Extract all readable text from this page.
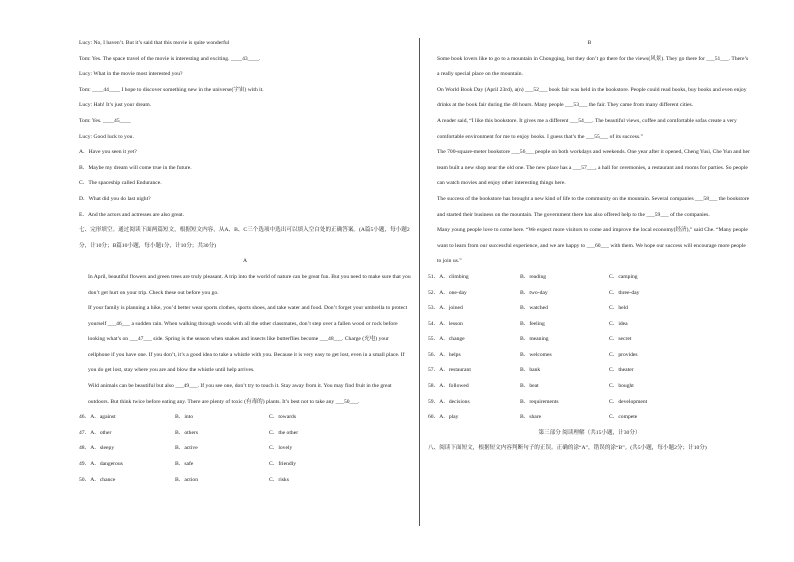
Lucy: No, I haven’t. But it’s said that this movie is quite wonderful

Tom: Yes. The space travel of the movie is interesting and exciting. ____43____.

Lucy: What in the movie most interested you?

Tom: ____44____ I hope to discover something new in the universe(宇宙) with it.

Lucy: Hah! It’s just your dream.

Tom: Yes. ____45____

Lucy: Good luck to you.

A．Have you seen it yet?

B．Maybe my dream will come true in the future.

C．The spaceship called Endurance.

D．What did you do last night?

E．And the actors and actresses are also great.

七、完形填空。通过阅读下面两篇短文，根据短文内容，从A、B、C三个选项中选出可以填入空白处的正确答案。(A篇5小题，每小题2分，计10分；B篇10小题，每小题1分，计10分；共30分)

A

In April, beautiful flowers and green trees are truly pleasant. A trip into the world of nature can be great fun. But you need to make sure that you don’t get hurt on your trip. Check these out before you go.

If your family is planning a hike, you’d better wear sports clothes, sports shoes, and take water and food. Don’t forget your umbrella to protect yourself ___46___ a sudden rain. When walking through woods with all the other classmates, don’t step over a fallen wood or rock before looking what’s on ___47___ side. Spring is the season when snakes and insects like butterflies become ___48___. Charge (充电) your cellphone if you have one. If you don’t, it’s a good idea to take a whistle with you. Because it is very easy to get lost, even in a small place. If you do get lost, stay where you are and blow the whistle until help arrives.

Wild animals can be beautiful but also ___49___. If you see one, don’t try to touch it. Stay away from it. You may find fruit in the great outdoors. But think twice before eating any. There are plenty of toxic (有毒的) plants. It’s best not to take any ___50___.

46．A．against	B．into	C．towards
47．A．other	B．others	C．the other
48．A．sleepy	B．active	C．lovely
49．A．dangerous	B．safe	C．friendly
50．A．chance	B．action	C．risks

B

Some book lovers like to go to a mountain in Chongqing, but they don’t go there for the views(风景). They go there for ___51___. There’s a really special place on the mountain.

On World Book Day (April 23rd), a(n) ___52___ book fair was held in the bookstore. People could read books, buy books and even enjoy drinks at the book fair during the 48 hours. Many people ___53___ the fair. They came from many different cities.

A reader said, “I like this bookstore. It gives me a different ___54___. The beautiful views, coffee and comfortable sofas create a very comfortable environment for me to enjoy books. I guess that’s the ___55___ of its success.”

The 700-square-meter bookstore ___56___ people on both workdays and weekends. One year after it opened, Cheng Yusi, Che Yun and her team built a new shop near the old one. The new place has a ___57___, a hall for ceremonies, a restaurant and rooms for parties. So people can watch movies and enjoy other interesting things here.

The success of the bookstore has brought a new kind of life to the community on the mountain. Several companies ___58___ the bookstore and started their business on the mountain. The government there has also offered help to the ___59___ of the companies.

Many young people love to come here. “We expect more visitors to come and improve the local economy(经济),” said Che. “Many people want to learn from our successful experience, and we are happy to ___60___ with them. We hope our success will encourage more people to join us.”

51．A．climbing	B．reading	C．camping
52．A．one-day	B．two-day	C．three-day
53．A．joined	B．watched	C．held
54．A．lesson	B．feeling	C．idea
55．A．change	B．meaning	C．secret
56．A．helps	B．welcomes	C．provides
57．A．restaurant	B．bank	C．theater
58．A．followed	B．beat	C．bought
59．A．decisions	B．requirements	C．development
60．A．play	B．share	C．compete

第三部分 阅读理解（共15小题，计30分）

八、阅读下面短文，根据短文内容判断句子的正误。正确的涂“A”，错误的涂“B”。(共5小题，每小题2分；计10分)
